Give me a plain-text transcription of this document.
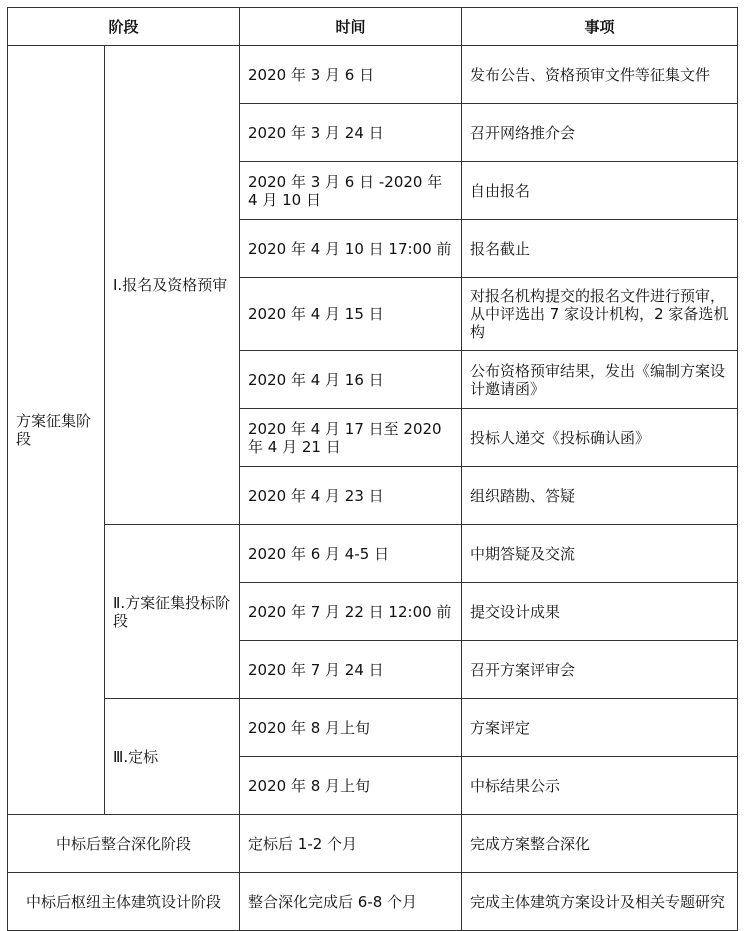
阶段		时间	事项
方案征集阶段	Ⅰ.报名及资格预审	2020 年 3 月 6 日	发布公告、资格预审文件等征集文件
		2020 年 3 月 24 日	召开网络推介会
		2020 年 3 月 6 日 -2020 年 4 月 10 日	自由报名
		2020 年 4 月 10 日 17:00 前	报名截止
		2020 年 4 月 15 日	对报名机构提交的报名文件进行预审，从中评选出 7 家设计机构，2 家备选机构
		2020 年 4 月 16 日	公布资格预审结果，发出《编制方案设计邀请函》
		2020 年 4 月 17 日至 2020 年 4 月 21 日	投标人递交《投标确认函》
		2020 年 4 月 23 日	组织踏勘、答疑
	Ⅱ.方案征集投标阶段	2020 年 6 月 4-5 日	中期答疑及交流
		2020 年 7 月 22 日 12:00 前	提交设计成果
		2020 年 7 月 24 日	召开方案评审会
	Ⅲ.定标	2020 年 8 月上旬	方案评定
		2020 年 8 月上旬	中标结果公示
中标后整合深化阶段		定标后 1-2 个月	完成方案整合深化
中标后枢纽主体建筑设计阶段		整合深化完成后 6-8 个月	完成主体建筑方案设计及相关专题研究
